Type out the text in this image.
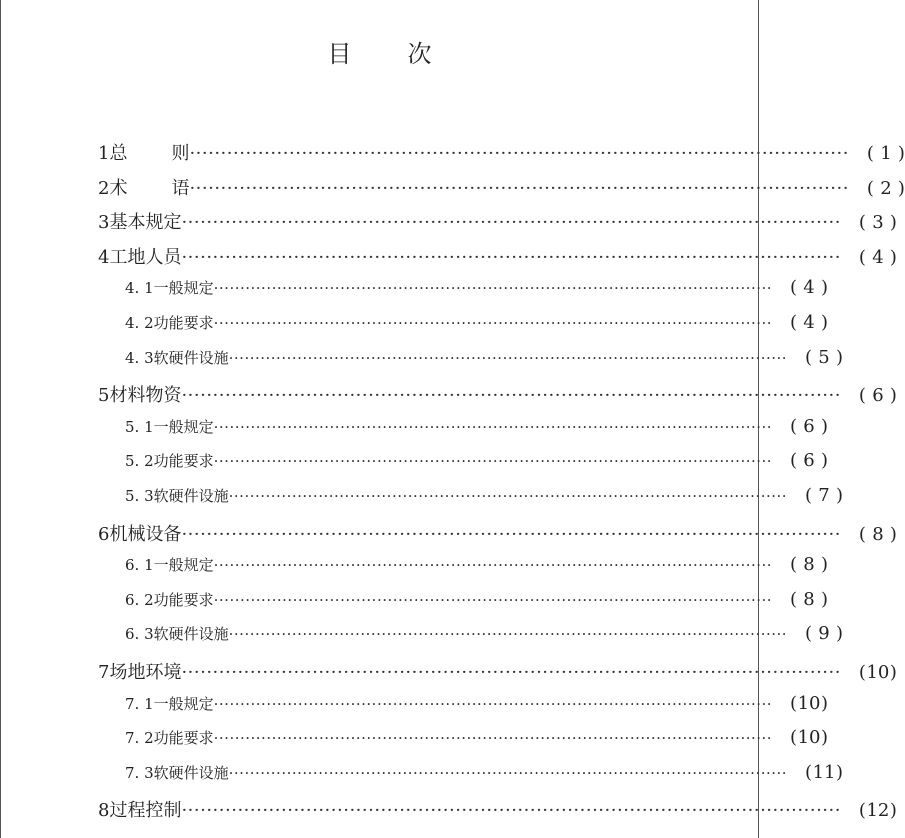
目 次
1 总 则 ·········································································································· ( 1 )
2 术 语 ·········································································································· ( 2 )
3 基本规定 ·········································································································· ( 3 )
4 工地人员 ·········································································································· ( 4 )
4. 1 一般规定 ·········································································································· ( 4 )
4. 2 功能要求 ·········································································································· ( 4 )
4. 3 软硬件设施 ·········································································································· ( 5 )
5 材料物资 ·········································································································· ( 6 )
5. 1 一般规定 ·········································································································· ( 6 )
5. 2 功能要求 ·········································································································· ( 6 )
5. 3 软硬件设施 ·········································································································· ( 7 )
6 机械设备 ·········································································································· ( 8 )
6. 1 一般规定 ·········································································································· ( 8 )
6. 2 功能要求 ·········································································································· ( 8 )
6. 3 软硬件设施 ·········································································································· ( 9 )
7 场地环境 ·········································································································· (10)
7. 1 一般规定 ·········································································································· (10)
7. 2 功能要求 ·········································································································· (10)
7. 3 软硬件设施 ·········································································································· (11)
8 过程控制 ·········································································································· (12)
